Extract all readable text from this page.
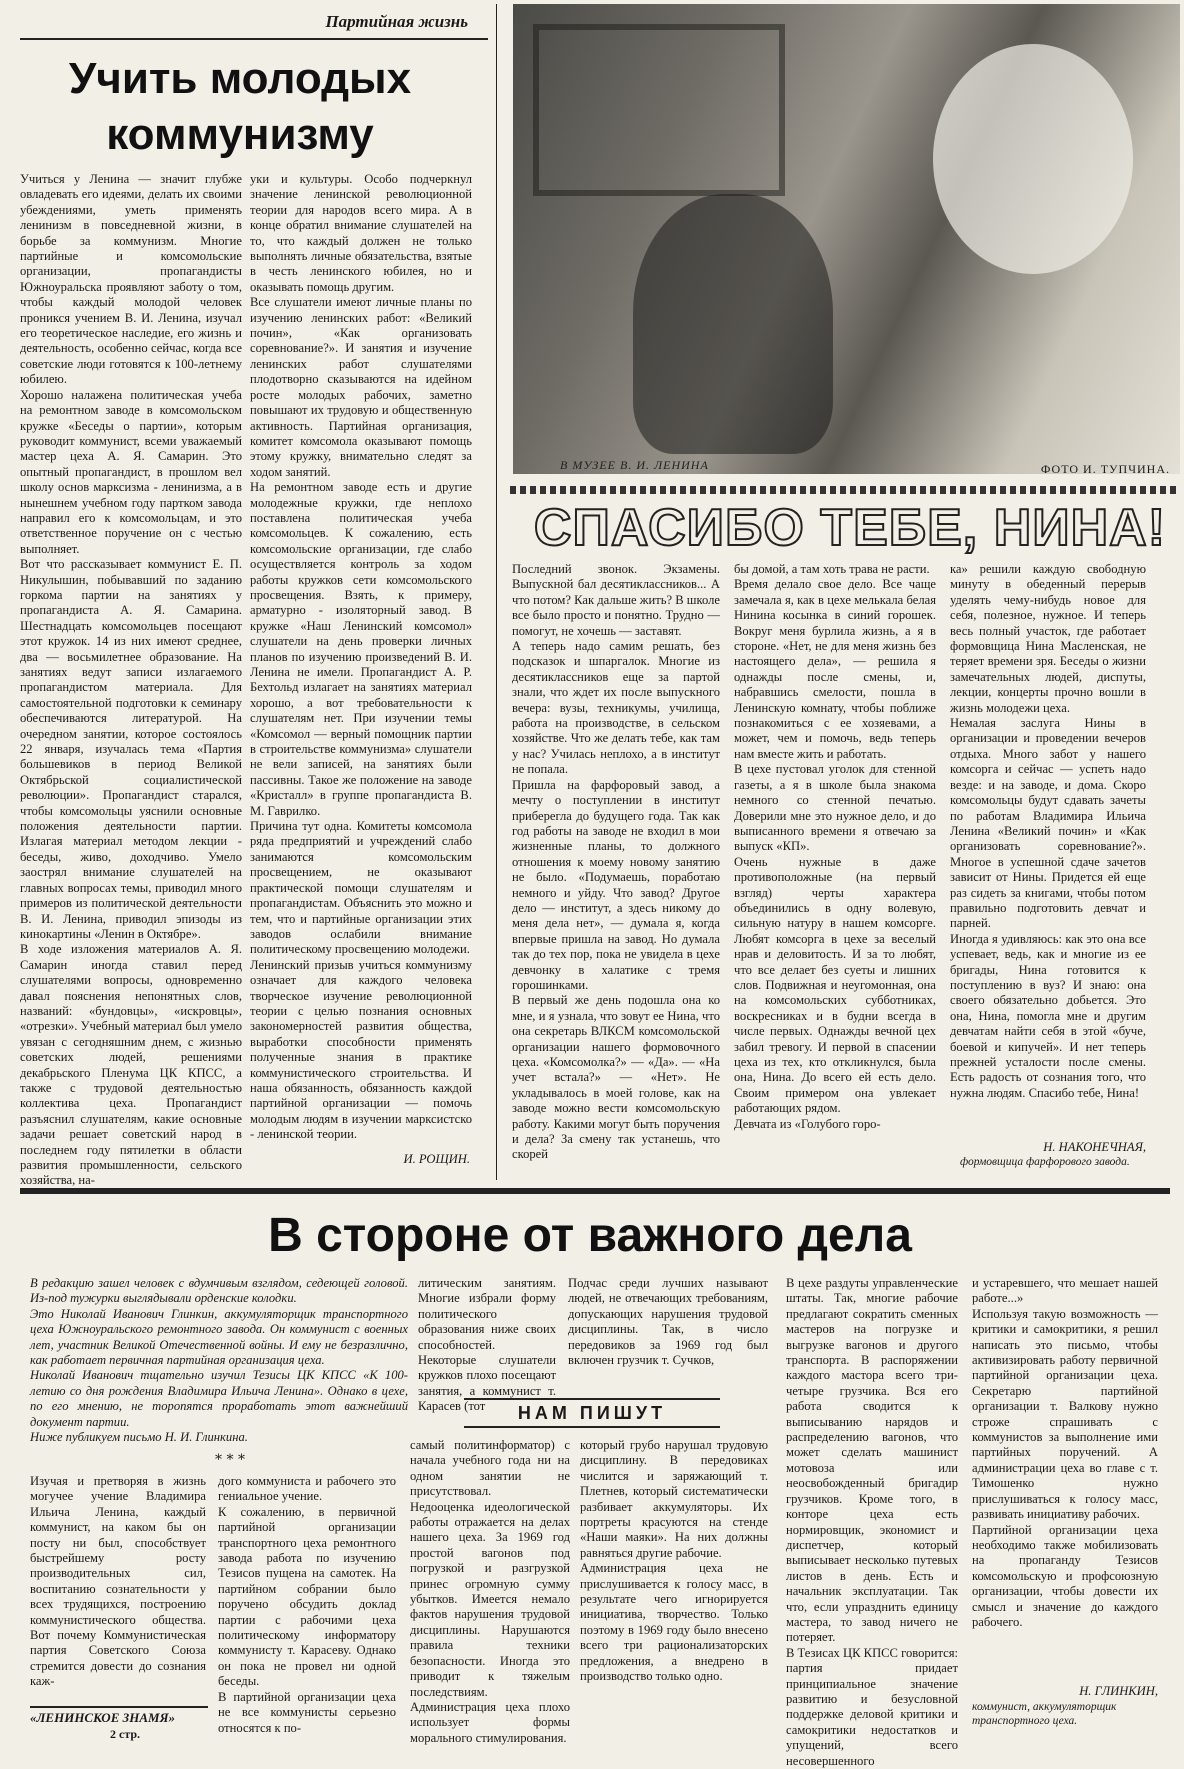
Партийная жизнь
Учить молодых
коммунизму

Учиться у Ленина — значит глубже овладевать его идеями, делать их своими убеждениями, уметь применять ленинизм в повседневной жизни, в борьбе за коммунизм. Многие партийные и комсомольские организации, пропагандисты Южноуральска проявляют заботу о том, чтобы каждый молодой человек проникся учением В. И. Ленина, изучал его теоретическое наследие, его жизнь и деятельность, особенно сейчас, когда все советские люди готовятся к 100-летнему юбилею.
Хорошо налажена политическая учеба на ремонтном заводе в комсомольском кружке «Беседы о партии», которым руководит коммунист, всеми уважаемый мастер цеха А. Я. Самарин. Это опытный пропагандист, в прошлом вел школу основ марксизма - ленинизма, а в нынешнем учебном году партком завода направил его к комсомольцам, и это ответственное поручение он с честью выполняет.
Вот что рассказывает коммунист Е. П. Никулышин, побывавший по заданию горкома партии на занятиях у пропагандиста А. Я. Самарина. Шестнадцать комсомольцев посещают этот кружок. 14 из них имеют среднее, два — восьмилетнее образование. На занятиях ведут записи излагаемого пропагандистом материала. Для самостоятельной подготовки к семинару обеспечиваются литературой. На очередном занятии, которое состоялось 22 января, изучалась тема «Партия большевиков в период Великой Октябрьской социалистической революции». Пропагандист старался, чтобы комсомольцы уяснили основные положения деятельности партии. Излагая материал методом лекции - беседы, живо, доходчиво. Умело заострял внимание слушателей на главных вопросах темы, приводил много примеров из политической деятельности В. И. Ленина, приводил эпизоды из кинокартины «Ленин в Октябре».
В ходе изложения материалов А. Я. Самарин иногда ставил перед слушателями вопросы, одновременно давал пояснения непонятных слов, названий: «бундовцы», «искровцы», «отрезки». Учебный материал был умело увязан с сегодняшним днем, с жизнью советских людей, решениями декабрьского Пленума ЦК КПСС, а также с трудовой деятельностью коллектива цеха. Пропагандист разъяснил слушателям, какие основные задачи решает советский народ в последнем году пятилетки в области развития промышленности, сельского хозяйства, на-

уки и культуры. Особо подчеркнул значение ленинской революционной теории для народов всего мира. А в конце обратил внимание слушателей на то, что каждый должен не только выполнять личные обязательства, взятые в честь ленинского юбилея, но и оказывать помощь другим.
Все слушатели имеют личные планы по изучению ленинских работ: «Великий почин», «Как организовать соревнование?». И занятия и изучение ленинских работ слушателями плодотворно сказываются на идейном росте молодых рабочих, заметно повышают их трудовую и общественную активность. Партийная организация, комитет комсомола оказывают помощь этому кружку, внимательно следят за ходом занятий.
На ремонтном заводе есть и другие молодежные кружки, где неплохо поставлена политическая учеба комсомольцев. К сожалению, есть комсомольские организации, где слабо осуществляется контроль за ходом работы кружков сети комсомольского просвещения. Взять, к примеру, арматурно - изоляторный завод. В кружке «Наш Ленинский комсомол» слушатели на день проверки личных планов по изучению произведений В. И. Ленина не имели. Пропагандист А. Р. Бехтольд излагает на занятиях материал хорошо, а вот требовательности к слушателям нет. При изучении темы «Комсомол — верный помощник партии в строительстве коммунизма» слушатели не вели записей, на занятиях были пассивны. Такое же положение на заводе «Кристалл» в группе пропагандиста В. М. Гаврилко.
Причина тут одна. Комитеты комсомола ряда предприятий и учреждений слабо занимаются комсомольским просвещением, не оказывают практической помощи слушателям и пропагандистам. Объяснить это можно и тем, что и партийные организации этих заводов ослабили внимание политическому просвещению молодежи.
Ленинский призыв учиться коммунизму означает для каждого человека творческое изучение революционной теории с целью познания основных закономерностей развития общества, выработки способности применять полученные знания в практике коммунистического строительства. И наша обязанность, обязанность каждой партийной организации — помочь молодым людям в изучении марксистско - ленинской теории.

И. РОЩИН.
В МУЗЕЕ В. И. ЛЕНИНА	ФОТО И. ТУПЧИНА.
СПАСИБО ТЕБЕ, НИНА!

Последний звонок. Экзамены. Выпускной бал десятиклассников... А что потом? Как дальше жить? В школе все было просто и понятно. Трудно — помогут, не хочешь — заставят.
А теперь надо самим решать, без подсказок и шпаргалок. Многие из десятиклассников еще за партой знали, что ждет их после выпускного вечера: вузы, техникумы, училища, работа на производстве, в сельском хозяйстве. Что же делать тебе, как там у нас? Училась неплохо, а в институт не попала.
Пришла на фарфоровый завод, а мечту о поступлении в институт приберегла до будущего года. Так как год работы на заводе не входил в мои жизненные планы, то должного отношения к моему новому занятию не было. «Подумаешь, поработаю немного и уйду. Что завод? Другое дело — институт, а здесь никому до меня дела нет», — думала я, когда впервые пришла на завод. Но думала так до тех пор, пока не увидела в цехе девчонку в халатике с тремя горошинками.
В первый же день подошла она ко мне, и я узнала, что зовут ее Нина, что она секретарь ВЛКСМ комсомольской организации нашего формовочного цеха. «Комсомолка?» — «Да». — «На учет встала?» — «Нет». Не укладывалось в моей голове, как на заводе можно вести комсомольскую работу. Какими могут быть поручения и дела? За смену так устанешь, что скорей

бы домой, а там хоть трава не расти.
Время делало свое дело. Все чаще замечала я, как в цехе мелькала белая Нинина косынка в синий горошек. Вокруг меня бурлила жизнь, а я в стороне. «Нет, не для меня жизнь без настоящего дела», — решила я однажды после смены, и, набравшись смелости, пошла в Ленинскую комнату, чтобы поближе познакомиться с ее хозяевами, а может, чем и помочь, ведь теперь нам вместе жить и работать.
В цехе пустовал уголок для стенной газеты, а я в школе была знакома немного со стенной печатью. Доверили мне это нужное дело, и до выписанного времени я отвечаю за выпуск «КП».
Очень нужные в даже противоположные (на первый взгляд) черты характера объединились в одну волевую, сильную натуру в нашем комсорге. Любят комсорга в цехе за веселый нрав и деловитость. И за то любят, что все делает без суеты и лишних слов. Подвижная и неугомонная, она на комсомольских субботниках, воскресниках и в будни всегда в числе первых. Однажды вечной цех забил тревогу. И первой в спасении цеха из тех, кто откликнулся, была она, Нина. До всего ей есть дело. Своим примером она увлекает работающих рядом.
Девчата из «Голубого горо-

ка» решили каждую свободную минуту в обеденный перерыв уделять чему-нибудь новое для себя, полезное, нужное. И теперь весь полный участок, где работает формовщица Нина Масленская, не теряет времени зря. Беседы о жизни замечательных людей, диспуты, лекции, концерты прочно вошли в жизнь молодежи цеха.
Немалая заслуга Нины в организации и проведении вечеров отдыха. Много забот у нашего комсорга и сейчас — успеть надо везде: и на заводе, и дома. Скоро комсомольцы будут сдавать зачеты по работам Владимира Ильича Ленина «Великий почин» и «Как организовать соревнование?». Многое в успешной сдаче зачетов зависит от Нины. Придется ей еще раз сидеть за книгами, чтобы потом правильно подготовить девчат и парней.
Иногда я удивляюсь: как это она все успевает, ведь, как и многие из ее бригады, Нина готовится к поступлению в вуз? И знаю: она своего обязательно добьется. Это она, Нина, помогла мне и другим девчатам найти себя в этой «буче, боевой и кипучей». И нет теперь прежней усталости после смены. Есть радость от сознания того, что нужна людям. Спасибо тебе, Нина!

Н. НАКОНЕЧНАЯ,
формовщица фарфорового завода.
В стороне от важного дела

В редакцию зашел человек с вдумчивым взглядом, седеющей головой. Из-под тужурки выглядывали орденские колодки.
Это Николай Иванович Глинкин, аккумуляторщик транспортного цеха Южноуральского ремонтного завода. Он коммунист с военных лет, участник Великой Отечественной войны. И ему не безразлично, как работает первичная партийная организация цеха.
Николай Иванович тщательно изучил Тезисы ЦК КПСС «К 100-летию со дня рождения Владимира Ильича Ленина». Однако в цехе, по его мнению, не торопятся проработать этот важнейший документ партии.
Ниже публикуем письмо Н. И. Глинкина.

* * *

литическим занятиям. Многие избрали форму политического образования ниже своих способностей. Некоторые слушатели кружков плохо посещают занятия, а коммунист т. Карасев (тот

Подчас среди лучших называют людей, не отвечающих требованиям, допускающих нарушения трудовой дисциплины. Так, в число передовиков за 1969 год был включен грузчик т. Сучков,

НАМ ПИШУТ

Изучая и претворяя в жизнь могучее учение Владимира Ильича Ленина, каждый коммунист, на каком бы он посту ни был, способствует быстрейшему росту производительных сил, воспитанию сознательности у всех трудящихся, построению коммунистического общества. Вот почему Коммунистическая партия Советского Союза стремится довести до сознания каж-

дого коммуниста и рабочего это гениальное учение.
К сожалению, в первичной партийной организации транспортного цеха ремонтного завода работа по изучению Тезисов пущена на самотек. На партийном собрании было поручено обсудить доклад партии с рабочими цеха политическому информатору коммунисту т. Карасеву. Однако он пока не провел ни одной беседы.
В партийной организации цеха не все коммунисты серьезно относятся к по-

самый политинформатор) с начала учебного года ни на одном занятии не присутствовал.
Недооценка идеологической работы отражается на делах нашего цеха. За 1969 год простой вагонов под погрузкой и разгрузкой принес огромную сумму убытков. Имеется немало фактов нарушения трудовой дисциплины. Нарушаются правила техники безопасности. Иногда это приводит к тяжелым последствиям.
Администрация цеха плохо использует формы морального стимулирования.

который грубо нарушал трудовую дисциплину. В передовиках числится и заряжающий т. Плетнев, который систематически разбивает аккумуляторы. Их портреты красуются на стенде «Наши маяки». На них должны равняться другие рабочие.
Администрация цеха не прислушивается к голосу масс, в результате чего игнорируется инициатива, творчество. Только поэтому в 1969 году было внесено всего три рационализаторских предложения, а внедрено в производство только одно.

В цехе раздуты управленческие штаты. Так, многие рабочие предлагают сократить сменных мастеров на погрузке и выгрузке вагонов и другого транспорта. В распоряжении каждого мастора всего три-четыре грузчика. Вся его работа сводится к выписыванию нарядов и распределению вагонов, что может сделать машинист мотовоза или неосвобожденный бригадир грузчиков. Кроме того, в конторе цеха есть нормировщик, экономист и диспетчер, который выписывает несколько путевых листов в день. Есть и начальник эксплуатации. Так что, если упразднить единицу мастера, то завод ничего не потеряет.
В Тезисах ЦК КПСС говорится: партия придает принципиальное значение развитию и безусловной поддержке деловой критики и самокритики недостатков и упущений, всего несовершенного

и устаревшего, что мешает нашей работе...»
Используя такую возможность — критики и самокритики, я решил написать это письмо, чтобы активизировать работу первичной партийной организации цеха. Секретарю партийной организации т. Валкову нужно строже спрашивать с коммунистов за выполнение ими партийных поручений. А администрации цеха во главе с т. Тимошенко нужно прислушиваться к голосу масс, развивать инициативу рабочих.
Партийной организации цеха необходимо также мобилизовать на пропаганду Тезисов комсомольскую и профсоюзную организации, чтобы довести их смысл и значение до каждого рабочего.

Н. ГЛИНКИН,
коммунист, аккумуляторщик транспортного цеха.
«ЛЕНИНСКОЕ ЗНАМЯ»
2 стр.
